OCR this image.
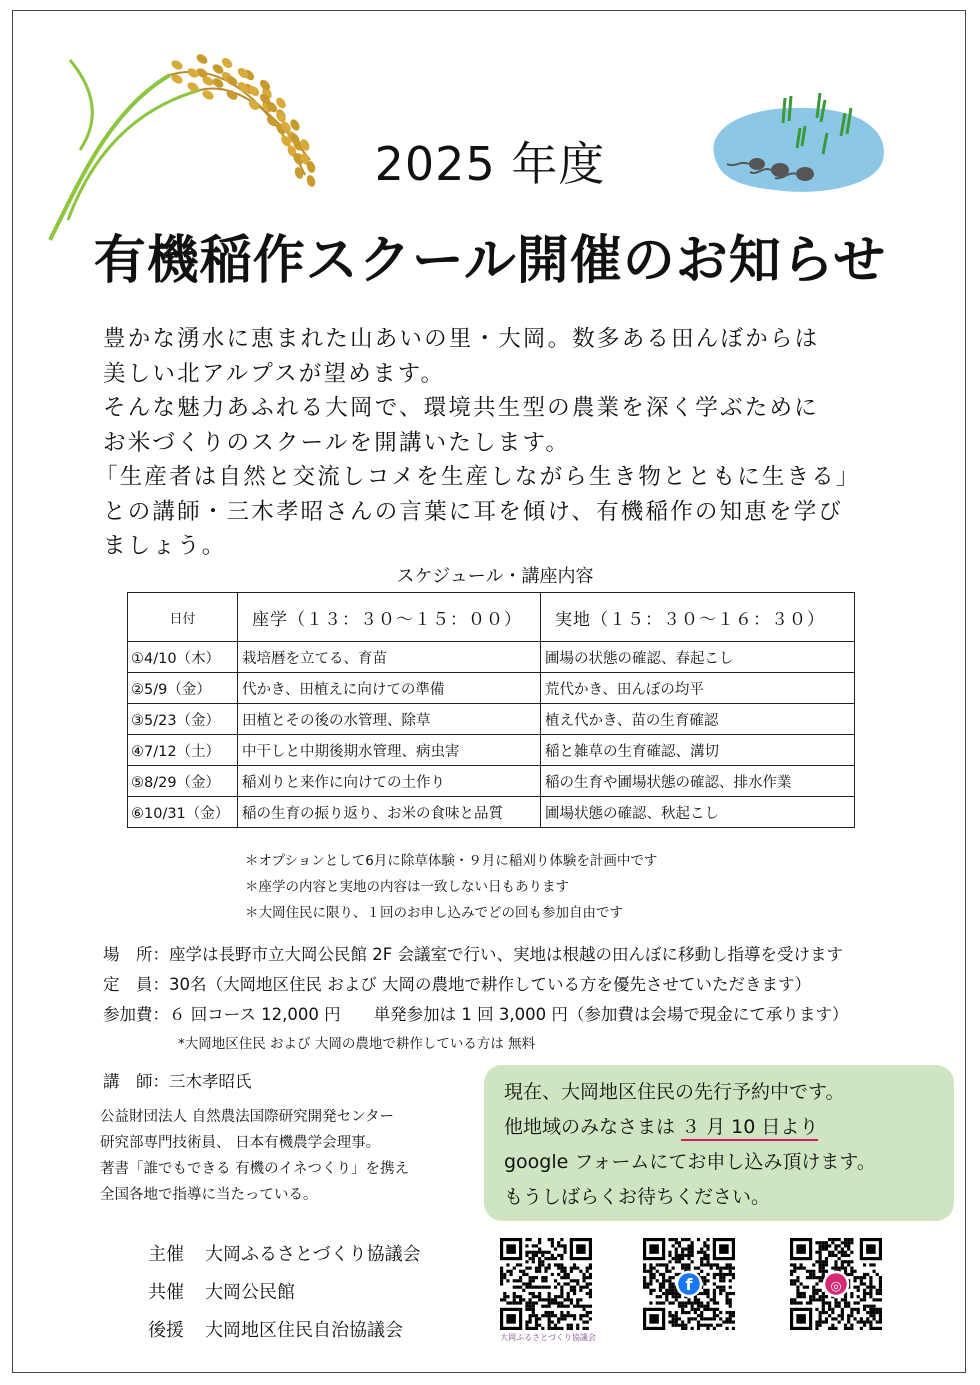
2025 年度
有機稲作スクール開催のお知らせ
豊かな湧水に恵まれた山あいの里・大岡。数多ある田んぼからは
美しい北アルプスが望めます。
そんな魅力あふれる大岡で、環境共生型の農業を深く学ぶために
お米づくりのスクールを開講いたします。
「生産者は自然と交流しコメを生産しながら生き物とともに生きる」
との講師・三木孝昭さんの言葉に耳を傾け、有機稲作の知恵を学び
ましょう。
スケジュール・講座内容
日付	座学（１３：３０〜１５：００）	実地（１５：３０〜１６：３０）
①4/10（木）	栽培暦を立てる、育苗	圃場の状態の確認、春起こし
②5/9（金）	代かき、田植えに向けての準備	荒代かき、田んぼの均平
③5/23（金）	田植とその後の水管理、除草	植え代かき、苗の生育確認
④7/12（土）	中干しと中期後期水管理、病虫害	稲と雑草の生育確認、溝切
⑤8/29（金）	稲刈りと来作に向けての土作り	稲の生育や圃場状態の確認、排水作業
⑥10/31（金）	稲の生育の振り返り、お米の食味と品質	圃場状態の確認、秋起こし
＊オプションとして6月に除草体験・９月に稲刈り体験を計画中です
＊座学の内容と実地の内容は一致しない日もあります
＊大岡住民に限り、１回のお申し込みでどの回も参加自由です
場　所： 座学は長野市立大岡公民館 2F 会議室で行い、実地は根越の田んぼに移動し指導を受けます
定　員： 30名（大岡地区住民 および 大岡の農地で耕作している方を優先させていただきます）
参加費： ６ 回コース 12,000 円　　単発参加は 1 回 3,000 円（参加費は会場で現金にて承ります）
*大岡地区住民 および 大岡の農地で耕作している方は 無料
講　師：三木孝昭氏
公益財団法人 自然農法国際研究開発センター
研究部専門技術員、 日本有機農学会理事。
著書「誰でもできる 有機のイネつくり」を携え
全国各地で指導に当たっている。
現在、大岡地区住民の先行予約中です。
他地域のみなさまは ３ 月 10 日より
google フォームにてお申し込み頂けます。
もうしばらくお待ちください。
主催 大岡ふるさとづくり協議会
共催 大岡公民館
後援 大岡地区住民自治協議会	大岡ふるさとづくり協議会
f	◎
